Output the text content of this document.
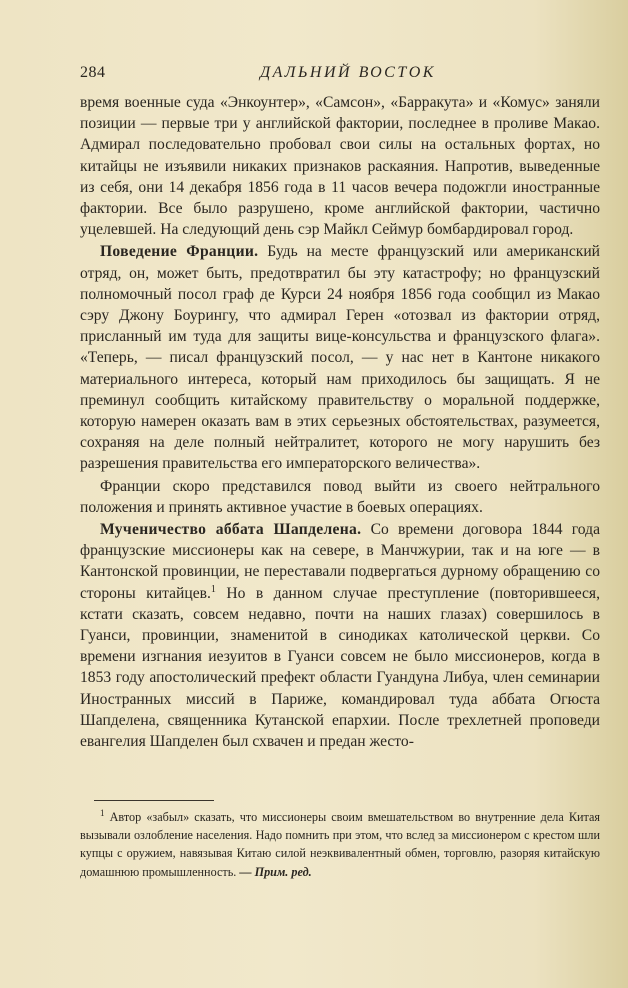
284	ДАЛЬНИЙ ВОСТОК

время военные суда «Энкоунтер», «Самсон», «Барракута» и «Комус» заняли позиции — первые три у английской фактории, последнее в проливе Макао. Адмирал последовательно пробовал свои силы на остальных фортах, но китайцы не изъявили никаких признаков раскаяния. Напротив, выведенные из себя, они 14 декабря 1856 года в 11 часов вечера подожгли иностранные фактории. Все было разрушено, кроме английской фактории, частично уцелевшей. На следующий день сэр Майкл Сеймур бомбардировал город.

Поведение Франции. Будь на месте французский или американский отряд, он, может быть, предотвратил бы эту катастрофу; но французский полномочный посол граф де Курси 24 ноября 1856 года сообщил из Макао сэру Джону Боурингу, что адмирал Герен «отозвал из фактории отряд, присланный им туда для защиты вице-консульства и французского флага». «Теперь, — писал французский посол, — у нас нет в Кантоне никакого материального интереса, который нам приходилось бы защищать. Я не преминул сообщить китайскому правительству о моральной поддержке, которую намерен оказать вам в этих серьезных обстоятельствах, разумеется, сохраняя на деле полный нейтралитет, которого не могу нарушить без разрешения правительства его императорского величества».

Франции скоро представился повод выйти из своего нейтрального положения и принять активное участие в боевых операциях.

Мученичество аббата Шапделена. Со времени договора 1844 года французские миссионеры как на севере, в Манчжурии, так и на юге — в Кантонской провинции, не переставали подвергаться дурному обращению со стороны китайцев.$^1$ Но в данном случае преступление (повторившееся, кстати сказать, совсем недавно, почти на наших глазах) совершилось в Гуанси, провинции, знаменитой в синодиках католической церкви. Со времени изгнания иезуитов в Гуанси совсем не было миссионеров, когда в 1853 году апостолический префект области Гуандуна Либуа, член семинарии Иностранных миссий в Париже, командировал туда аббата Огюста Шапделена, священника Кутанской епархии. После трехлетней проповеди евангелия Шапделен был схвачен и предан жесто-

$^1$ Автор «забыл» сказать, что миссионеры своим вмешательством во внутренние дела Китая вызывали озлобление населения. Надо помнить при этом, что вслед за миссионером с крестом шли купцы с оружием, навязывая Китаю силой неэквивалентный обмен, торговлю, разоряя китайскую домашнюю промышленность. — Прим. ред.
